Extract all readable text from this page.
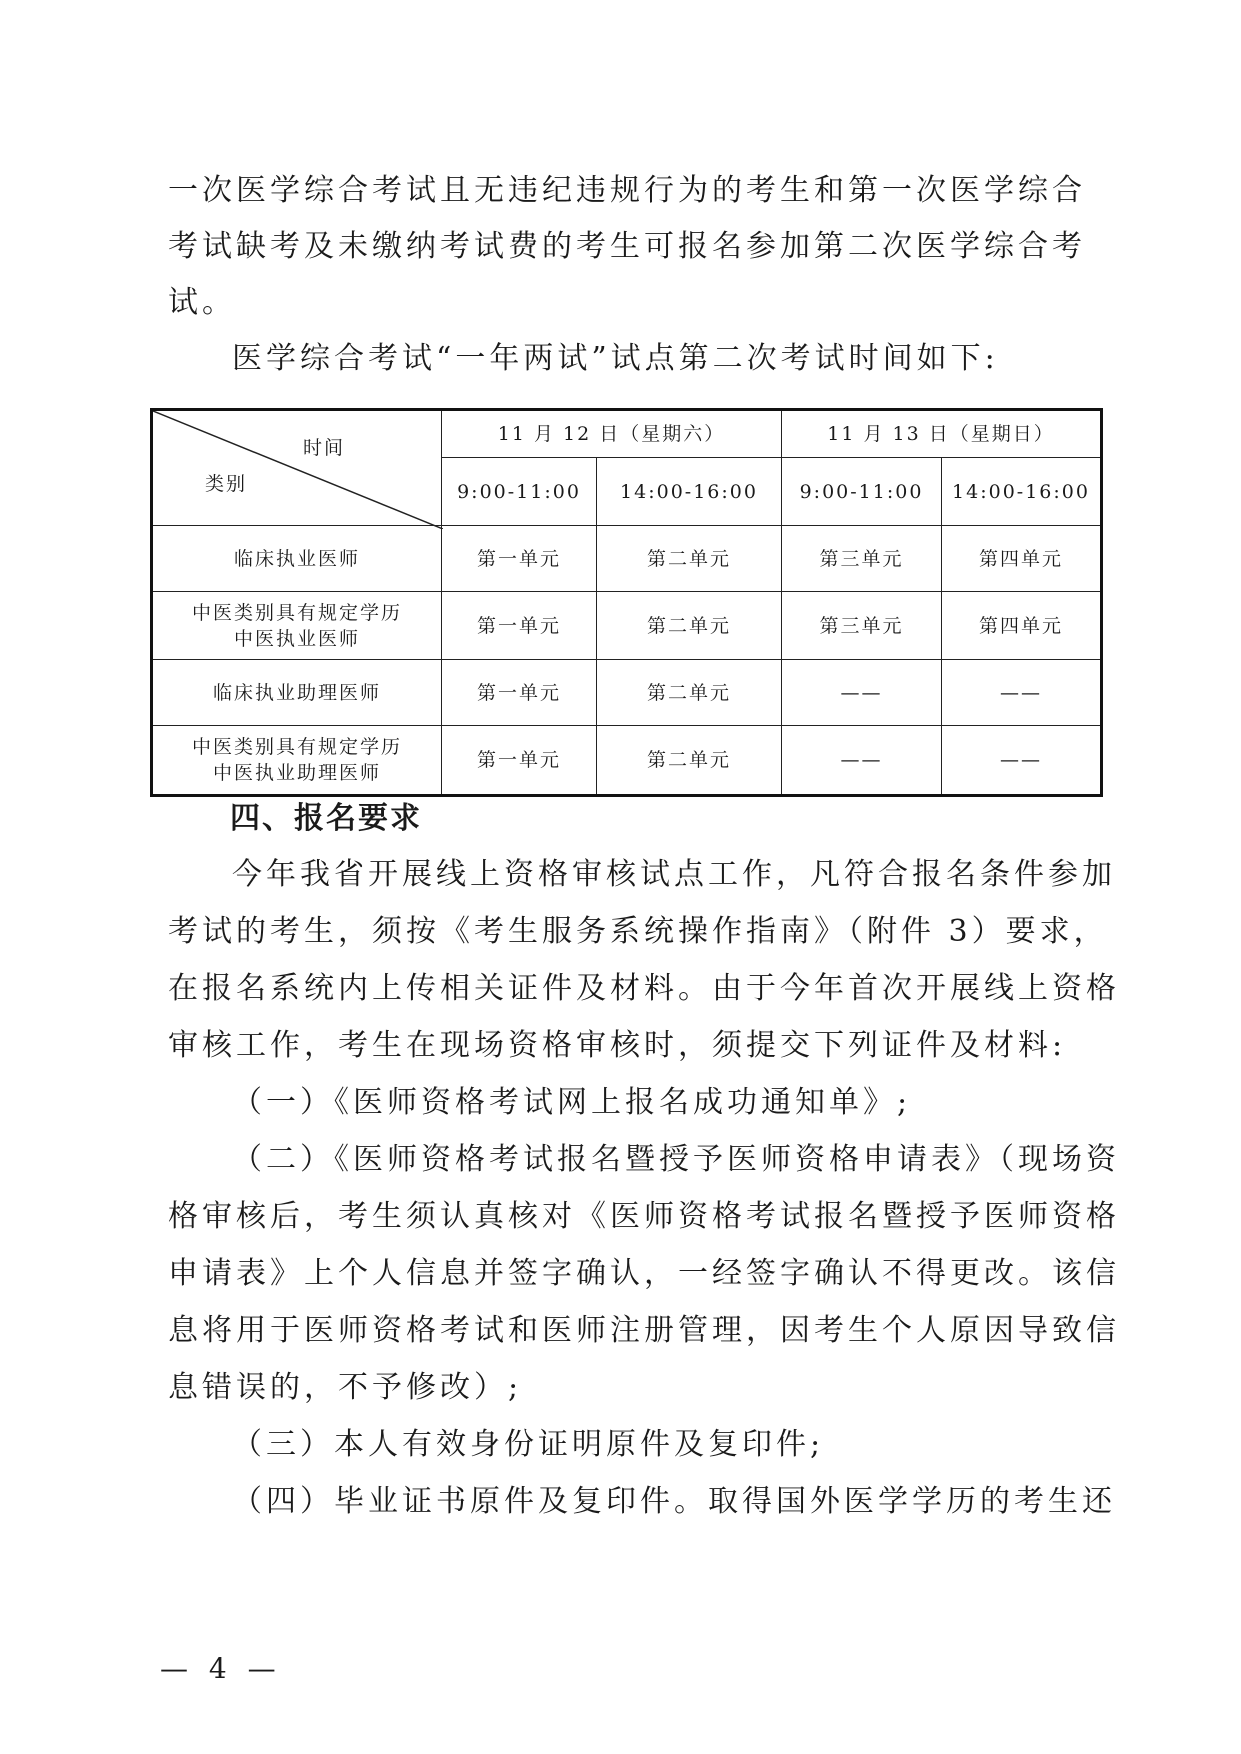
一次医学综合考试且无违纪违规行为的考生和第一次医学综合
考试缺考及未缴纳考试费的考生可报名参加第二次医学综合考
试。
医学综合考试“一年两试”试点第二次考试时间如下:
时间
类别	11 月 12 日（星期六）		11 月 13 日（星期日）	
	9:00-11:00	14:00-16:00	9:00-11:00	14:00-16:00
临床执业医师	第一单元	第二单元	第三单元	第四单元

中医类别具有规定学历
中医执业医师	第一单元	第二单元	第三单元	第四单元
临床执业助理医师	第一单元	第二单元	——	——

中医类别具有规定学历
中医执业助理医师	第一单元	第二单元	——	——
四、报名要求
今年我省开展线上资格审核试点工作，凡符合报名条件参加
考试的考生，须按《考生服务系统操作指南》（附件 3）要求，
在报名系统内上传相关证件及材料。由于今年首次开展线上资格
审核工作，考生在现场资格审核时，须提交下列证件及材料:
（一）《医师资格考试网上报名成功通知单》;
（二）《医师资格考试报名暨授予医师资格申请表》（现场资
格审核后，考生须认真核对《医师资格考试报名暨授予医师资格
申请表》上个人信息并签字确认，一经签字确认不得更改。该信
息将用于医师资格考试和医师注册管理，因考生个人原因导致信
息错误的，不予修改）;
（三）本人有效身份证明原件及复印件;
（四）毕业证书原件及复印件。取得国外医学学历的考生还
— 4 —
